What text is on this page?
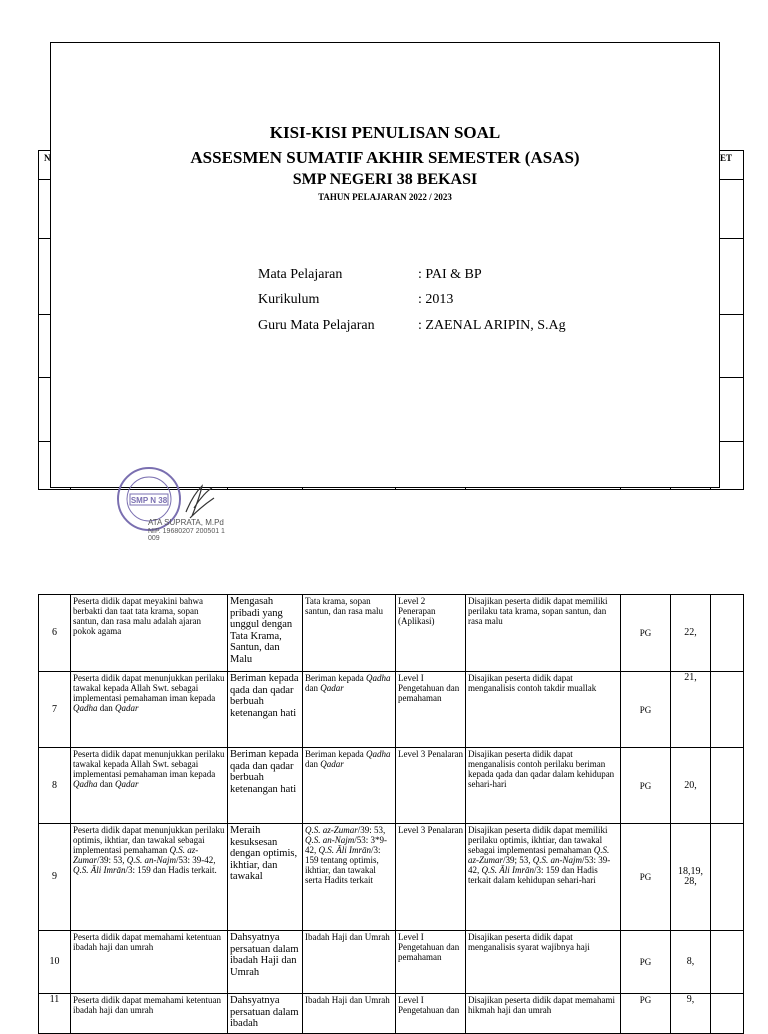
N	ET
KISI-KISI PENULISAN SOAL
ASSESMEN SUMATIF AKHIR SEMESTER (ASAS)
SMP NEGERI 38 BEKASI
TAHUN PELAJARAN 2022 / 2023
Mata Pelajaran	: PAI & BP
Kurikulum	: 2013
Guru Mata Pelajaran	: ZAENAL ARIPIN, S.Ag
SMP N 38
ATA SUPRATA, M.Pd
NIP. 19680207 200501 1 009
6	Peserta didik dapat meyakini bahwa berbakti dan taat tata krama, sopan santun, dan rasa malu adalah ajaran pokok agama	Mengasah pribadi yang unggul dengan Tata Krama, Santun, dan Malu	Tata krama, sopan santun, dan rasa malu	Level 2 Penerapan (Aplikasi)	Disajikan peserta didik dapat memiliki perilaku tata krama, sopan santun, dan rasa malu	PG	22,	
7	Peserta didik dapat menunjukkan perilaku tawakal kepada Allah Swt. sebagai implementasi pemahaman iman kepada Qadha dan Qadar	Beriman kepada qada dan qadar berbuah ketenangan hati	Beriman kepada Qadha dan Qadar	Level I Pengetahuan dan pemahaman	Disajikan peserta didik dapat menganalisis contoh takdir muallak	PG	21,	
8	Peserta didik dapat menunjukkan perilaku tawakal kepada Allah Swt. sebagai implementasi pemahaman iman kepada Qadha dan Qadar	Beriman kepada qada dan qadar berbuah ketenangan hati	Beriman kepada Qadha dan Qadar	Level 3 Penalaran	Disajikan peserta didik dapat menganalisis contoh perilaku beriman kepada qada dan qadar dalam kehidupan sehari-hari	PG	20,	
9	Peserta didik dapat menunjukkan perilaku optimis, ikhtiar, dan tawakal sebagai implementasi pemahaman Q.S. az-Zumar/39: 53, Q.S. an-Najm/53: 39-42, Q.S. Āli Imrān/3: 159 dan Hadis terkait.	Meraih kesuksesan dengan optimis, ikhtiar, dan tawakal	Q.S. az-Zumar/39: 53, Q.S. an-Najm/53: 3*9-42, Q.S. Āli Imrān/3: 159 tentang optimis, ikhtiar, dan tawakal serta Hadits terkait	Level 3 Penalaran	Disajikan peserta didik dapat memiliki perilaku optimis, ikhtiar, dan tawakal sebagai implementasi pemahaman Q.S. az-Zumar/39; 53, Q.S. an-Najm/53: 39-42, Q.S. Āli Imrān/3: 159 dan Hadis terkait dalam kehidupan sehari-hari	PG	18,19, 28,	
10	Peserta didik dapat memahami ketentuan ibadah haji dan umrah	Dahsyatnya persatuan dalam ibadah Haji dan Umrah	Ibadah Haji dan Umrah	Level I Pengetahuan dan pemahaman	Disajikan peserta didik dapat menganalisis syarat wajibnya haji	PG	8,	
11	Peserta didik dapat memahami ketentuan ibadah haji dan umrah	Dahsyatnya persatuan dalam ibadah	Ibadah Haji dan Umrah	Level I Pengetahuan dan	Disajikan peserta didik dapat memahami hikmah haji dan umrah	PG	9,	
